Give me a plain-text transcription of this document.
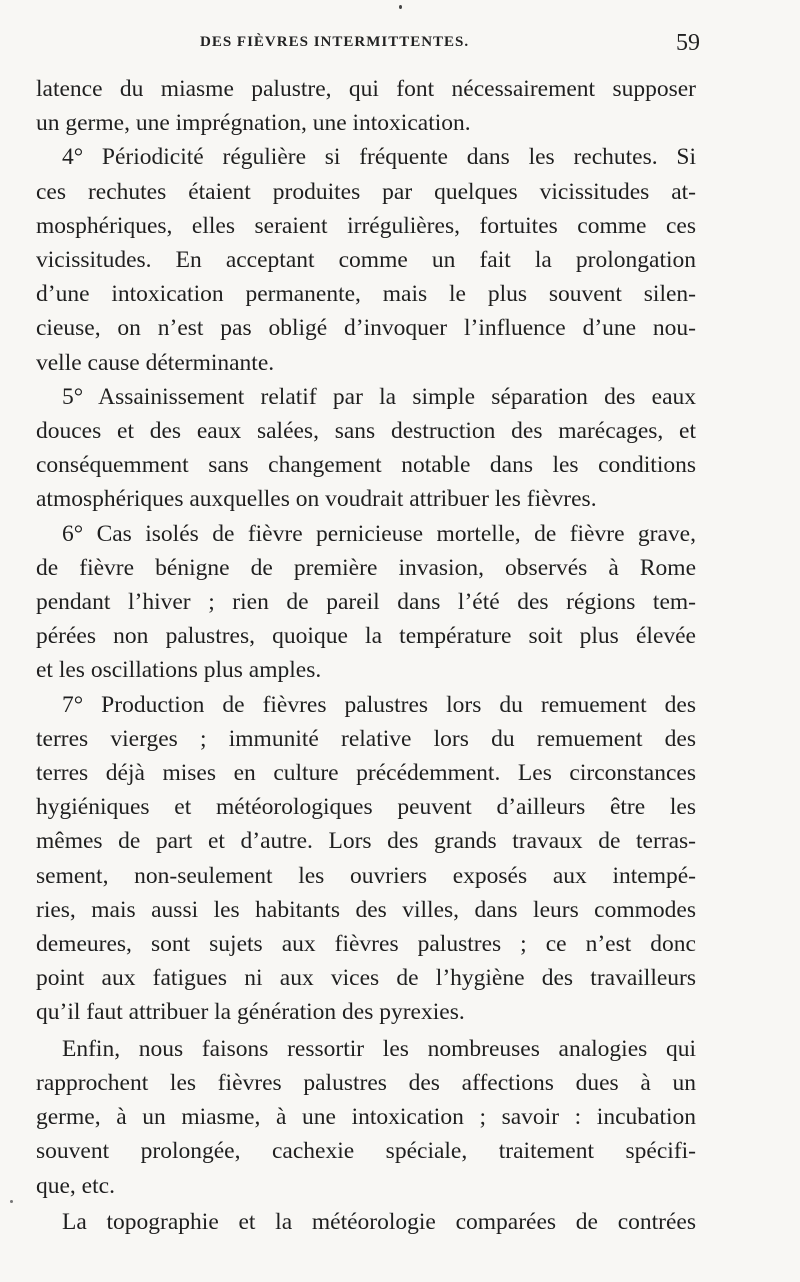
DES FIÈVRES INTERMITTENTES.	59

latence du miasme palustre, qui font nécessairement supposer
un germe, une imprégnation, une intoxication.

4° Périodicité régulière si fréquente dans les rechutes. Si
ces rechutes étaient produites par quelques vicissitudes at-
mosphériques, elles seraient irrégulières, fortuites comme ces
vicissitudes. En acceptant comme un fait la prolongation
d’une intoxication permanente, mais le plus souvent silen-
cieuse, on n’est pas obligé d’invoquer l’influence d’une nou-
velle cause déterminante.

5° Assainissement relatif par la simple séparation des eaux
douces et des eaux salées, sans destruction des marécages, et
conséquemment sans changement notable dans les conditions
atmosphériques auxquelles on voudrait attribuer les fièvres.

6° Cas isolés de fièvre pernicieuse mortelle, de fièvre grave,
de fièvre bénigne de première invasion, observés à Rome
pendant l’hiver ; rien de pareil dans l’été des régions tem-
pérées non palustres, quoique la température soit plus élevée
et les oscillations plus amples.

7° Production de fièvres palustres lors du remuement des
terres vierges ; immunité relative lors du remuement des
terres déjà mises en culture précédemment. Les circonstances
hygiéniques et météorologiques peuvent d’ailleurs être les
mêmes de part et d’autre. Lors des grands travaux de terras-
sement, non-seulement les ouvriers exposés aux intempé-
ries, mais aussi les habitants des villes, dans leurs commodes
demeures, sont sujets aux fièvres palustres ; ce n’est donc
point aux fatigues ni aux vices de l’hygiène des travailleurs
qu’il faut attribuer la génération des pyrexies.

Enfin, nous faisons ressortir les nombreuses analogies qui
rapprochent les fièvres palustres des affections dues à un
germe, à un miasme, à une intoxication ; savoir : incubation
souvent prolongée, cachexie spéciale, traitement spécifi-
que, etc.

La topographie et la météorologie comparées de contrées
